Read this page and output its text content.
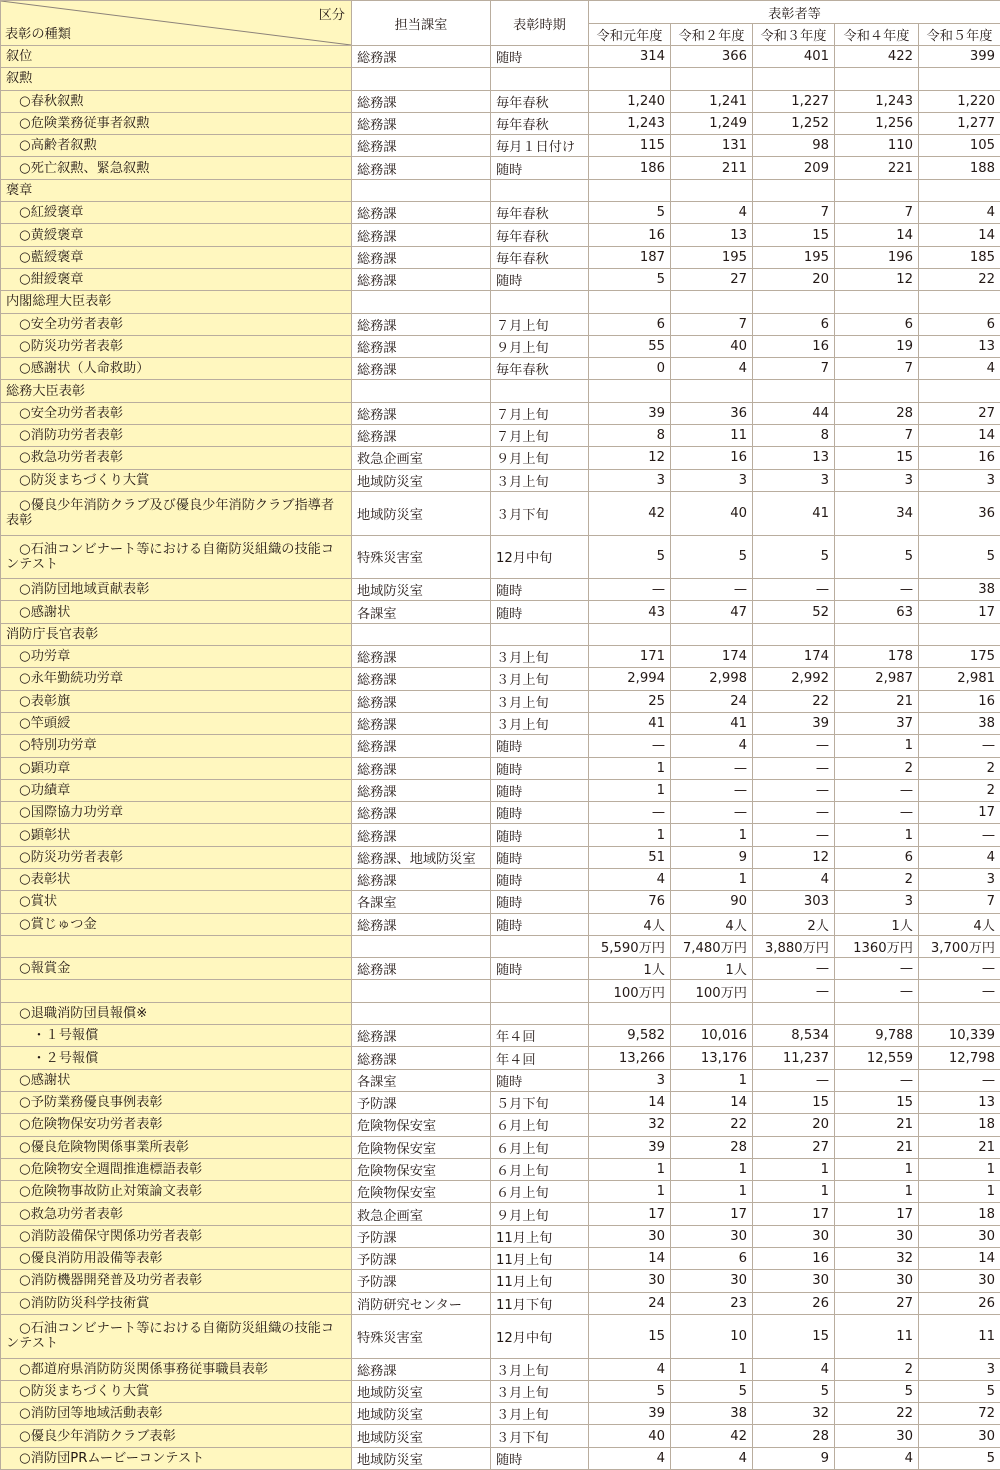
区分
表彰の種類	担当課室	表彰時期	表彰者等				
			令和元年度	令和２年度	令和３年度	令和４年度	令和５年度
叙位	総務課	随時	314	366	401	422	399
叙勲							
　○春秋叙勲	総務課	毎年春秋	1,240	1,241	1,227	1,243	1,220
　○危険業務従事者叙勲	総務課	毎年春秋	1,243	1,249	1,252	1,256	1,277
　○高齢者叙勲	総務課	毎月１日付け	115	131	98	110	105
　○死亡叙勲、緊急叙勲	総務課	随時	186	211	209	221	188
褒章							
　○紅綬褒章	総務課	毎年春秋	5	4	7	7	4
　○黄綬褒章	総務課	毎年春秋	16	13	15	14	14
　○藍綬褒章	総務課	毎年春秋	187	195	195	196	185
　○紺綬褒章	総務課	随時	5	27	20	12	22
内閣総理大臣表彰							
　○安全功労者表彰	総務課	７月上旬	6	7	6	6	6
　○防災功労者表彰	総務課	９月上旬	55	40	16	19	13
　○感謝状（人命救助）	総務課	毎年春秋	0	4	7	7	4
総務大臣表彰							
　○安全功労者表彰	総務課	７月上旬	39	36	44	28	27
　○消防功労者表彰	総務課	７月上旬	8	11	8	7	14
　○救急功労者表彰	救急企画室	９月上旬	12	16	13	15	16
　○防災まちづくり大賞	地域防災室	３月上旬	3	3	3	3	3
　○優良少年消防クラブ及び優良少年消防クラブ指導者表彰	地域防災室	３月下旬	42	40	41	34	36
　○石油コンビナート等における自衛防災組織の技能コンテスト	特殊災害室	12月中旬	5	5	5	5	5
　○消防団地域貢献表彰	地域防災室	随時	—	—	—	—	38
　○感謝状	各課室	随時	43	47	52	63	17
消防庁長官表彰							
　○功労章	総務課	３月上旬	171	174	174	178	175
　○永年勤続功労章	総務課	３月上旬	2,994	2,998	2,992	2,987	2,981
　○表彰旗	総務課	３月上旬	25	24	22	21	16
　○竿頭綬	総務課	３月上旬	41	41	39	37	38
　○特別功労章	総務課	随時	—	4	—	1	—
　○顕功章	総務課	随時	1	—	—	2	2
　○功績章	総務課	随時	1	—	—	—	2
　○国際協力功労章	総務課	随時	—	—	—	—	17
　○顕彰状	総務課	随時	1	1	—	1	—
　○防災功労者表彰	総務課、地域防災室	随時	51	9	12	6	4
　○表彰状	総務課	随時	4	1	4	2	3
　○賞状	各課室	随時	76	90	303	3	7
　○賞じゅつ金	総務課	随時	4人	4人	2人	1人	4人
			5,590万円	7,480万円	3,880万円	1360万円	3,700万円
　○報賞金	総務課	随時	1人	1人	—	—	—
			100万円	100万円	—	—	—
　○退職消防団員報償※							
　　・１号報償	総務課	年４回	9,582	10,016	8,534	9,788	10,339
　　・２号報償	総務課	年４回	13,266	13,176	11,237	12,559	12,798
　○感謝状	各課室	随時	3	1	—	—	—
　○予防業務優良事例表彰	予防課	５月下旬	14	14	15	15	13
　○危険物保安功労者表彰	危険物保安室	６月上旬	32	22	20	21	18
　○優良危険物関係事業所表彰	危険物保安室	６月上旬	39	28	27	21	21
　○危険物安全週間推進標語表彰	危険物保安室	６月上旬	1	1	1	1	1
　○危険物事故防止対策論文表彰	危険物保安室	６月上旬	1	1	1	1	1
　○救急功労者表彰	救急企画室	９月上旬	17	17	17	17	18
　○消防設備保守関係功労者表彰	予防課	11月上旬	30	30	30	30	30
　○優良消防用設備等表彰	予防課	11月上旬	14	6	16	32	14
　○消防機器開発普及功労者表彰	予防課	11月上旬	30	30	30	30	30
　○消防防災科学技術賞	消防研究センター	11月下旬	24	23	26	27	26
　○石油コンビナート等における自衛防災組織の技能コンテスト	特殊災害室	12月中旬	15	10	15	11	11
　○都道府県消防防災関係事務従事職員表彰	総務課	３月上旬	4	1	4	2	3
　○防災まちづくり大賞	地域防災室	３月上旬	5	5	5	5	5
　○消防団等地域活動表彰	地域防災室	３月上旬	39	38	32	22	72
　○優良少年消防クラブ表彰	地域防災室	３月下旬	40	42	28	30	30
　○消防団PRムービーコンテスト	地域防災室	随時	4	4	9	4	5
